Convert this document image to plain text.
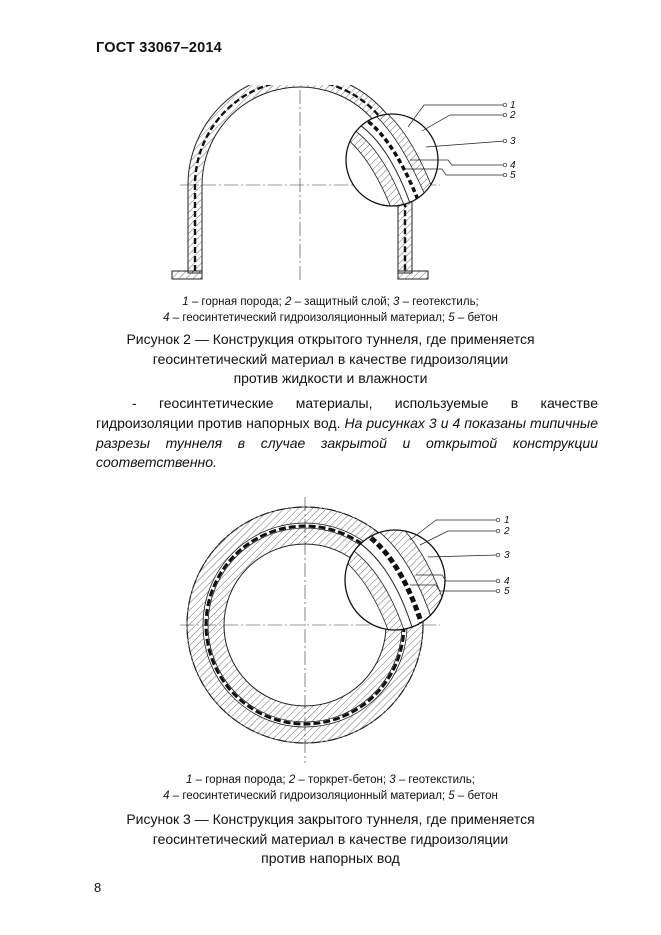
ГОСТ 33067–2014
1
2
3
4
5
1 – горная порода; 2 – защитный слой; 3 – геотекстиль;
4 – геосинтетический гидроизоляционный материал; 5 – бетон
Рисунок 2 — Конструкция открытого туннеля, где применяется
геосинтетический материал в качестве гидроизоляции
против жидкости и влажности
- геосинтетические материалы, используемые в качестве гидроизоляции против напорных вод. На рисунках 3 и 4 показаны типичные разрезы туннеля в случае закрытой и открытой конструкции соответственно.
1
2
3
4
5
1 – горная порода; 2 – торкрет-бетон; 3 – геотекстиль;
4 – геосинтетический гидроизоляционный материал; 5 – бетон
Рисунок 3 — Конструкция закрытого туннеля, где применяется
геосинтетический материал в качестве гидроизоляции
против напорных вод
8
